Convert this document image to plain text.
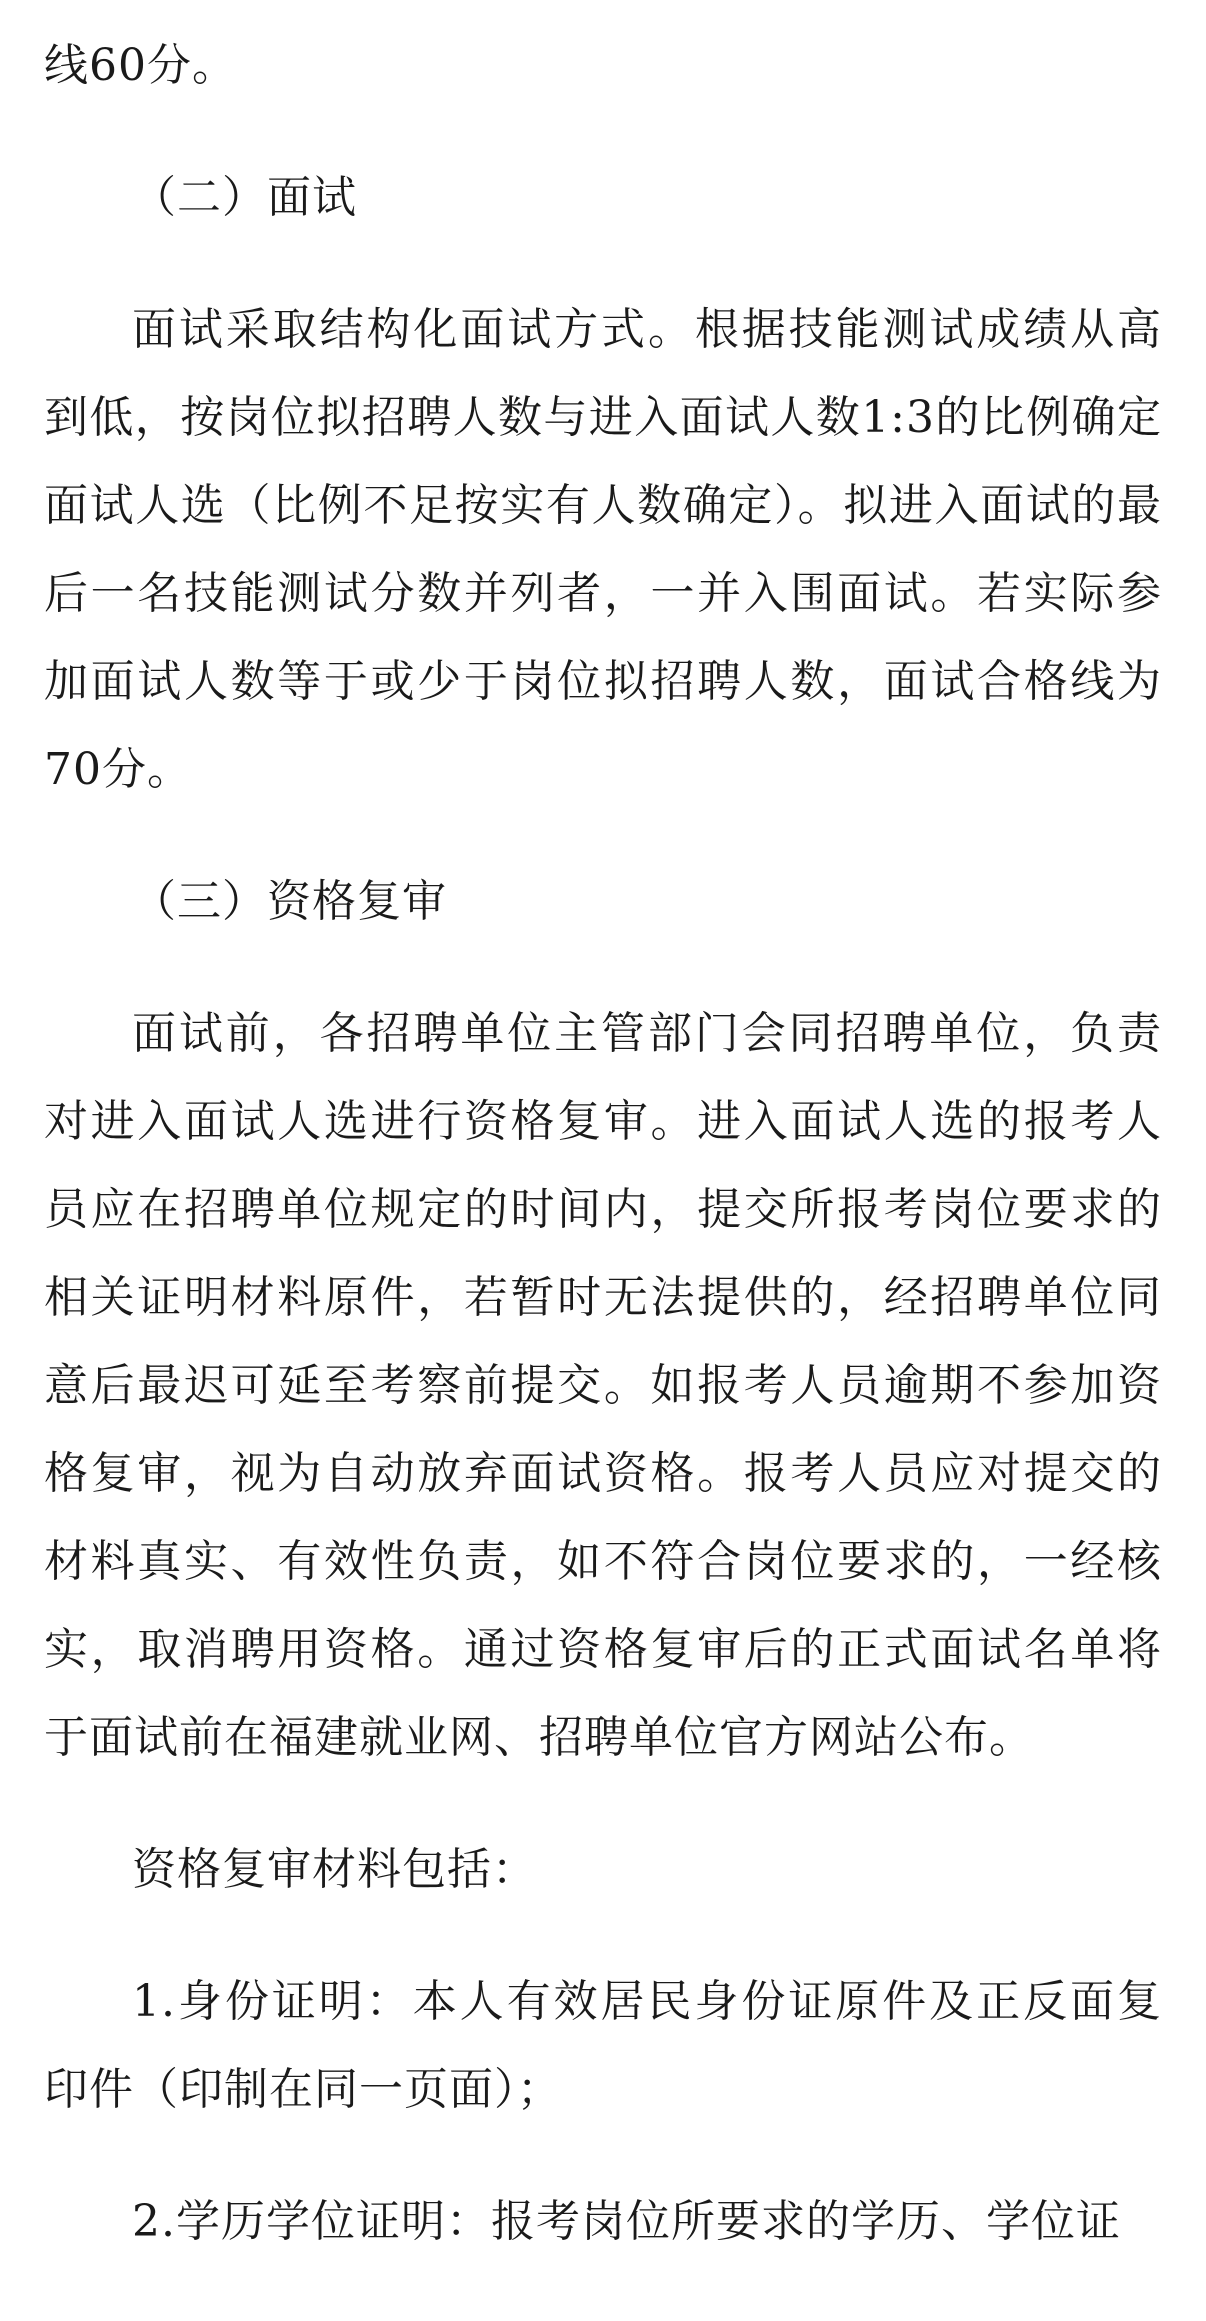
线60分。

（二）面试

面试采取结构化面试方式。根据技能测试成绩从高到低，按岗位拟招聘人数与进入面试人数1:3的比例确定面试人选（比例不足按实有人数确定）。拟进入面试的最后一名技能测试分数并列者，一并入围面试。若实际参加面试人数等于或少于岗位拟招聘人数，面试合格线为70分。

（三）资格复审

面试前，各招聘单位主管部门会同招聘单位，负责对进入面试人选进行资格复审。进入面试人选的报考人员应在招聘单位规定的时间内，提交所报考岗位要求的相关证明材料原件，若暂时无法提供的，经招聘单位同意后最迟可延至考察前提交。如报考人员逾期不参加资格复审，视为自动放弃面试资格。报考人员应对提交的材料真实、有效性负责，如不符合岗位要求的，一经核实，取消聘用资格。通过资格复审后的正式面试名单将于面试前在福建就业网、招聘单位官方网站公布。

资格复审材料包括：

1.身份证明：本人有效居民身份证原件及正反面复印件（印制在同一页面）；

2.学历学位证明：报考岗位所要求的学历、学位证
